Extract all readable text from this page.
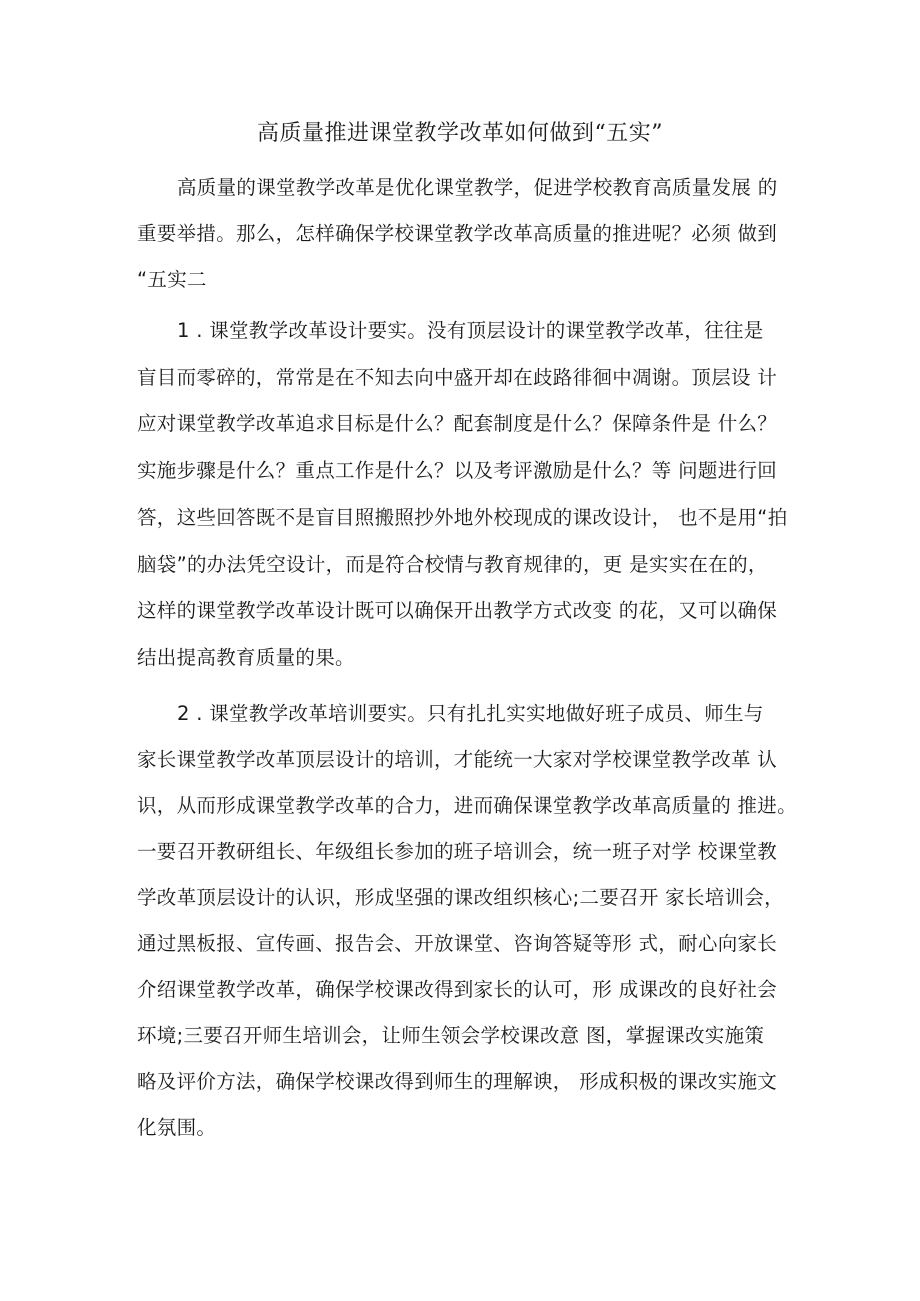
高质量推进课堂教学改革如何做到“五实”

高质量的课堂教学改革是优化课堂教学，促进学校教育高质量发展 的

重要举措。那么，怎样确保学校课堂教学改革高质量的推进呢？必须 做到

“五实二

1 . 课堂教学改革设计要实。没有顶层设计的课堂教学改革，往往是

盲目而零碎的，常常是在不知去向中盛开却在歧路徘徊中凋谢。顶层设 计

应对课堂教学改革追求目标是什么？配套制度是什么？保障条件是 什么？

实施步骤是什么？重点工作是什么？以及考评激励是什么？等 问题进行回

答，这些回答既不是盲目照搬照抄外地外校现成的课改设计， 也不是用“拍

脑袋”的办法凭空设计，而是符合校情与教育规律的，更 是实实在在的，

这样的课堂教学改革设计既可以确保开出教学方式改变 的花，又可以确保

结出提高教育质量的果。

2 . 课堂教学改革培训要实。只有扎扎实实地做好班子成员、师生与

家长课堂教学改革顶层设计的培训，才能统一大家对学校课堂教学改革 认

识，从而形成课堂教学改革的合力，进而确保课堂教学改革高质量的 推进。

一要召开教研组长、年级组长参加的班子培训会，统一班子对学 校课堂教

学改革顶层设计的认识，形成坚强的课改组织核心;二要召开 家长培训会，

通过黑板报、宣传画、报告会、开放课堂、咨询答疑等形 式，耐心向家长

介绍课堂教学改革，确保学校课改得到家长的认可，形 成课改的良好社会

环境;三要召开师生培训会，让师生领会学校课改意 图，掌握课改实施策

略及评价方法，确保学校课改得到师生的理解谀， 形成积极的课改实施文

化氛围。
